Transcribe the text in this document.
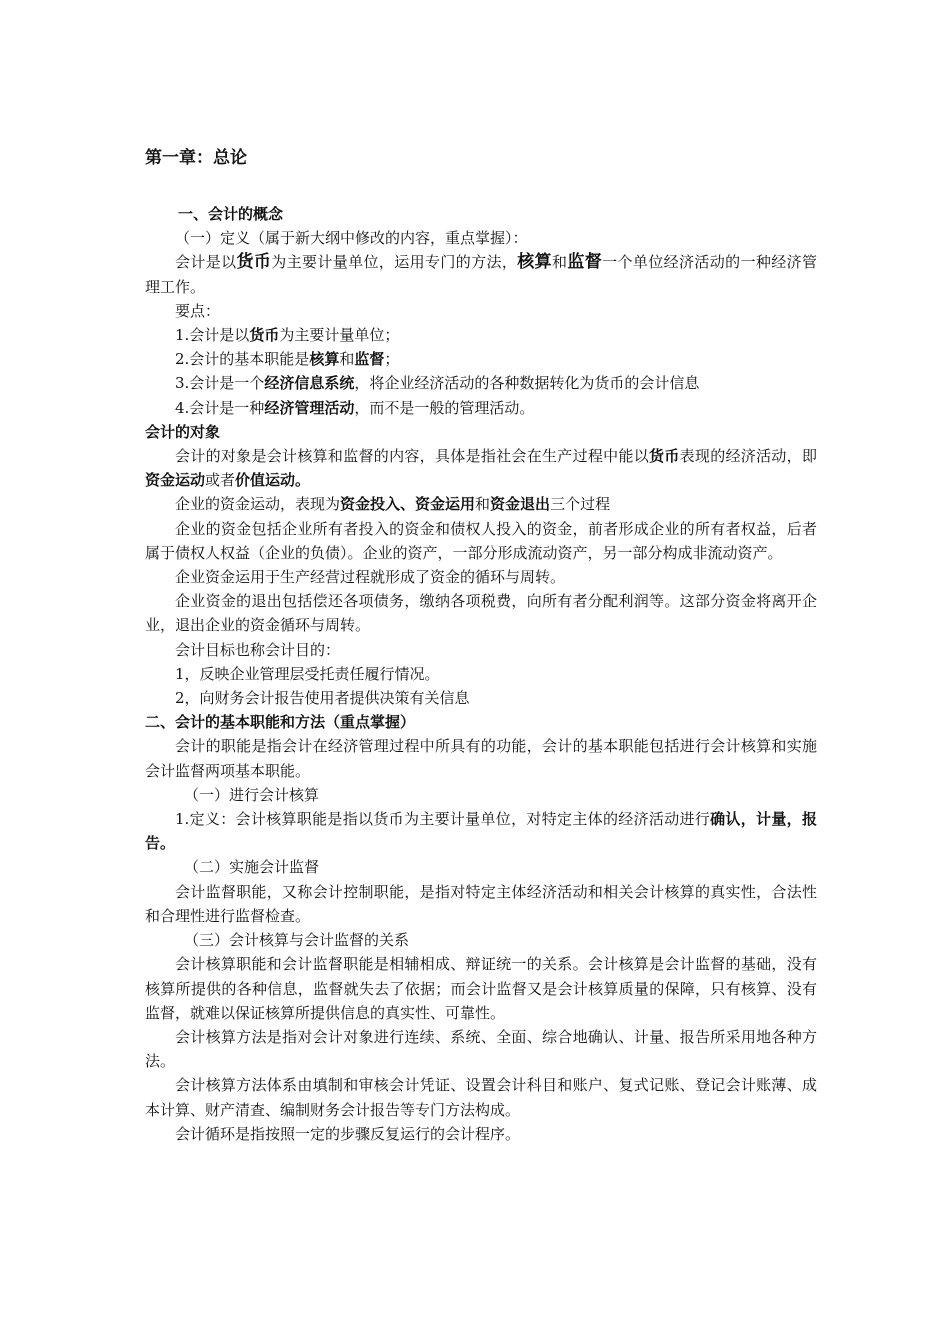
第一章：总论

一、会计的概念

（一）定义（属于新大纲中修改的内容，重点掌握）：

会计是以货币为主要计量单位，运用专门的方法，核算和监督一个单位经济活动的一种经济管理工作。

要点：

1.会计是以货币为主要计量单位；

2.会计的基本职能是核算和监督；

3.会计是一个经济信息系统，将企业经济活动的各种数据转化为货币的会计信息

4.会计是一种经济管理活动，而不是一般的管理活动。

会计的对象

会计的对象是会计核算和监督的内容，具体是指社会在生产过程中能以货币表现的经济活动，即资金运动或者价值运动。

企业的资金运动，表现为资金投入、资金运用和资金退出三个过程

企业的资金包括企业所有者投入的资金和债权人投入的资金，前者形成企业的所有者权益，后者属于债权人权益（企业的负债）。企业的资产，一部分形成流动资产，另一部分构成非流动资产。

企业资金运用于生产经营过程就形成了资金的循环与周转。

企业资金的退出包括偿还各项债务，缴纳各项税费，向所有者分配利润等。这部分资金将离开企业，退出企业的资金循环与周转。

会计目标也称会计目的：

1，反映企业管理层受托责任履行情况。

2，向财务会计报告使用者提供决策有关信息

二、会计的基本职能和方法（重点掌握）

会计的职能是指会计在经济管理过程中所具有的功能，会计的基本职能包括进行会计核算和实施会计监督两项基本职能。

（一）进行会计核算

1.定义：会计核算职能是指以货币为主要计量单位，对特定主体的经济活动进行确认，计量，报告。

（二）实施会计监督

会计监督职能，又称会计控制职能，是指对特定主体经济活动和相关会计核算的真实性，合法性和合理性进行监督检查。

（三）会计核算与会计监督的关系

会计核算职能和会计监督职能是相辅相成、辩证统一的关系。会计核算是会计监督的基础，没有核算所提供的各种信息，监督就失去了依据；而会计监督又是会计核算质量的保障，只有核算、没有监督，就难以保证核算所提供信息的真实性、可靠性。

会计核算方法是指对会计对象进行连续、系统、全面、综合地确认、计量、报告所采用地各种方法。

会计核算方法体系由填制和审核会计凭证、设置会计科目和账户、复式记账、登记会计账薄、成本计算、财产清查、编制财务会计报告等专门方法构成。

会计循环是指按照一定的步骤反复运行的会计程序。
